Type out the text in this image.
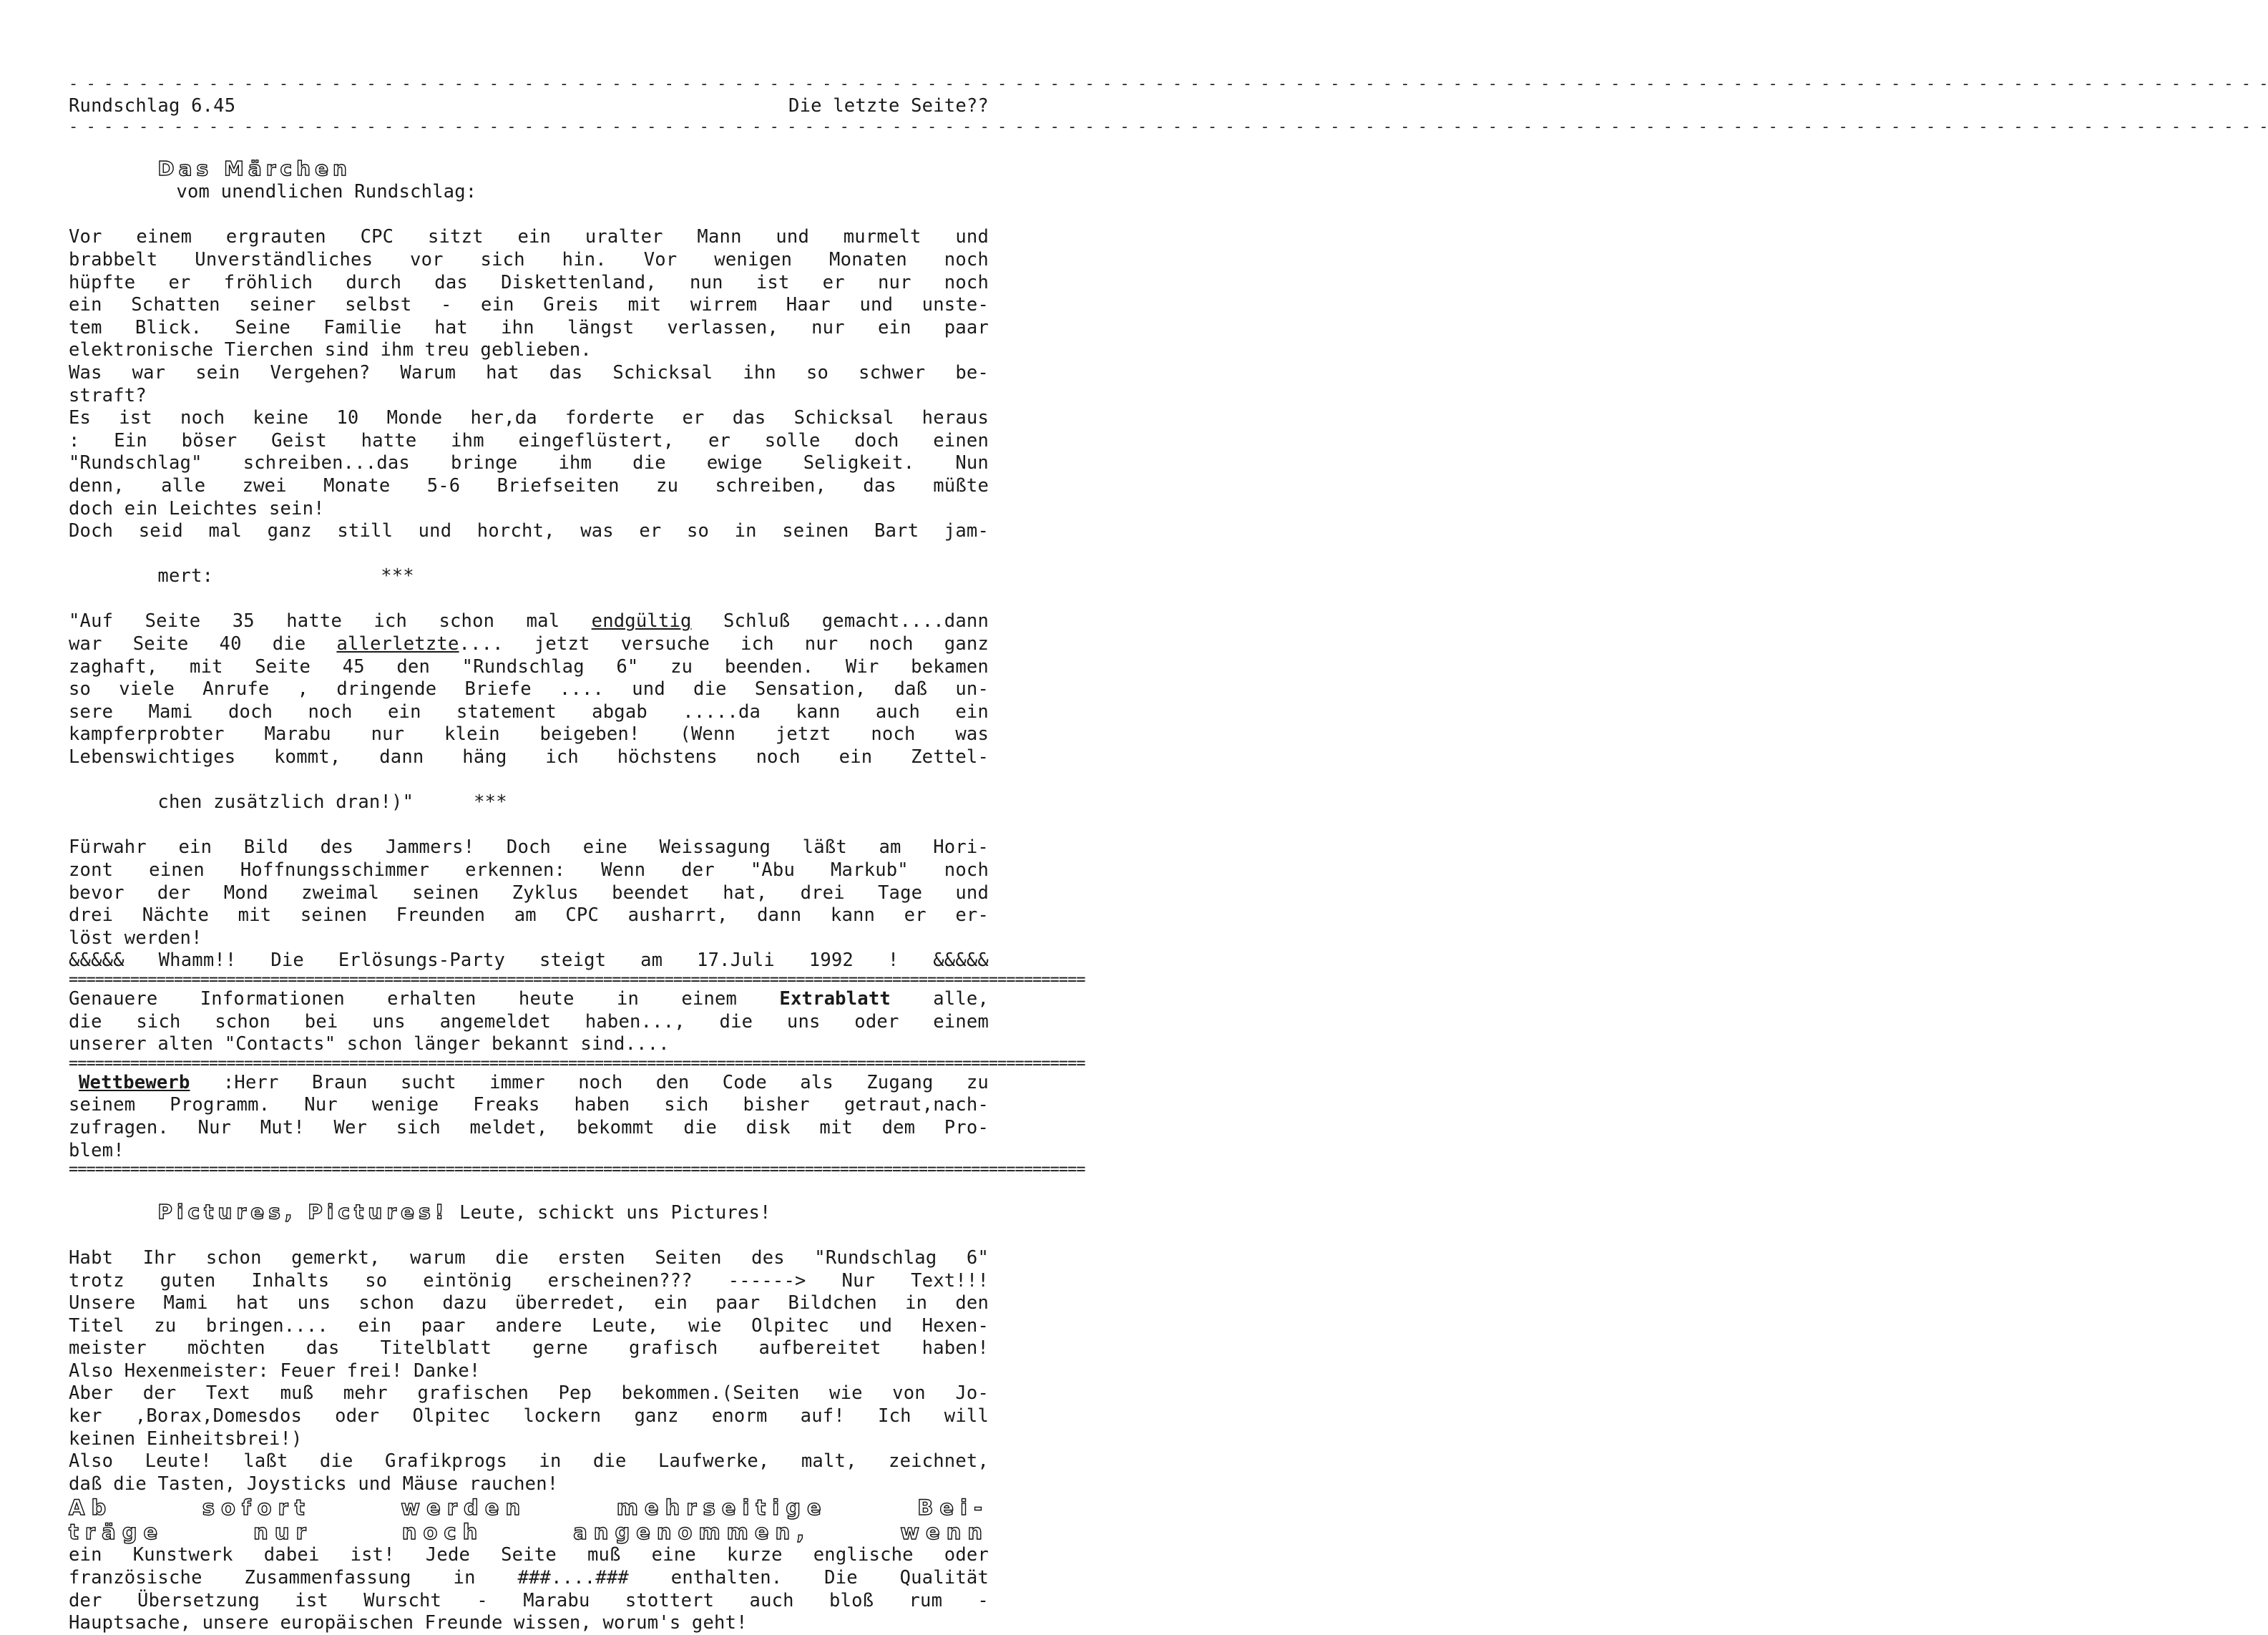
- - - - - - - - - - - - - - - - - - - - - - - - - - - - - - - - - - - - - - - - - - - - - - - - - - - - - - - - - - - - - - - - - - - - - - - - - - - - - - - - - - - - - - - - - - - - - - - - - - - - - - - - - - - - - - - - - - - - - - - - - - - - - -
Rundschlag 6.45	Die letzte Seite??
- - - - - - - - - - - - - - - - - - - - - - - - - - - - - - - - - - - - - - - - - - - - - - - - - - - - - - - - - - - - - - - - - - - - - - - - - - - - - - - - - - - - - - - - - - - - - - - - - - - - - - - - - - - - - - - - - - - - - - - - - - - - - -

Das Märchen
vom unendlichen Rundschlag:

Vor einem ergrauten CPC sitzt ein uralter Mann und murmelt und
brabbelt Unverständliches vor sich hin. Vor wenigen Monaten noch
hüpfte er fröhlich durch das Diskettenland, nun ist er nur noch
ein Schatten seiner selbst - ein Greis mit wirrem Haar und unste-
tem Blick. Seine Familie hat ihn längst verlassen, nur ein paar
elektronische Tierchen sind ihm treu geblieben.
Was war sein Vergehen? Warum hat das Schicksal ihn so schwer be-
straft?
Es ist noch keine 10 Monde her,da forderte er das Schicksal heraus
: Ein böser Geist hatte ihm eingeflüstert, er solle doch einen
"Rundschlag" schreiben...das bringe ihm die ewige Seligkeit. Nun
denn, alle zwei Monate 5-6 Briefseiten zu schreiben, das müßte
doch ein Leichtes sein!
Doch seid mal ganz still und horcht, was er so in seinen Bart jam-

mert:	***

"Auf Seite 35 hatte ich schon mal endgültig Schluß gemacht....dann
war Seite 40 die allerletzte.... jetzt versuche ich nur noch ganz
zaghaft, mit Seite 45 den "Rundschlag 6" zu beenden. Wir bekamen
so viele Anrufe , dringende Briefe .... und die Sensation, daß un-
sere Mami doch noch ein statement abgab .....da kann auch ein
kampferprobter Marabu nur klein beigeben! (Wenn jetzt noch was
Lebenswichtiges kommt, dann häng ich höchstens noch ein Zettel-

chen zusätzlich dran!)"	***

Fürwahr ein Bild des Jammers! Doch eine Weissagung läßt am Hori-
zont einen Hoffnungsschimmer erkennen: Wenn der "Abu Markub" noch
bevor der Mond zweimal seinen Zyklus beendet hat, drei Tage und
drei Nächte mit seinen Freunden am CPC ausharrt, dann kann er er-
löst werden!
&&&&& Whamm!! Die Erlösungs-Party steigt am 17.Juli 1992 ! &&&&&
====================================================================================================================
Genauere Informationen erhalten heute in einem Extrablatt alle,
die sich schon bei uns angemeldet haben..., die uns oder einem
unserer alten "Contacts" schon länger bekannt sind....
====================================================================================================================
Wettbewerb :Herr Braun sucht immer noch den Code als Zugang zu
seinem Programm. Nur wenige Freaks haben sich bisher getraut,nach-
zufragen. Nur Mut! Wer sich meldet, bekommt die disk mit dem Pro-
blem!
====================================================================================================================

Pictures, Pictures! Leute, schickt uns Pictures!

Habt Ihr schon gemerkt, warum die ersten Seiten des "Rundschlag 6"
trotz guten Inhalts so eintönig erscheinen??? ------> Nur Text!!!
Unsere Mami hat uns schon dazu überredet, ein paar Bildchen in den
Titel zu bringen.... ein paar andere Leute, wie Olpitec und Hexen-
meister möchten das Titelblatt gerne grafisch aufbereitet haben!
Also Hexenmeister: Feuer frei! Danke!
Aber der Text muß mehr grafischen Pep bekommen.(Seiten wie von Jo-
ker ,Borax,Domesdos oder Olpitec lockern ganz enorm auf! Ich will
keinen Einheitsbrei!)
Also Leute! laßt die Grafikprogs in die Laufwerke, malt, zeichnet,
daß die Tasten, Joysticks und Mäuse rauchen!
Ab sofort werden mehrseitige Bei-
träge nur noch angenommen, wenn
ein Kunstwerk dabei ist! Jede Seite muß eine kurze englische oder
französische Zusammenfassung in ###....### enthalten. Die Qualität
der Übersetzung ist Wurscht - Marabu stottert auch bloß rum -
Hauptsache, unsere europäischen Freunde wissen, worum's geht!
